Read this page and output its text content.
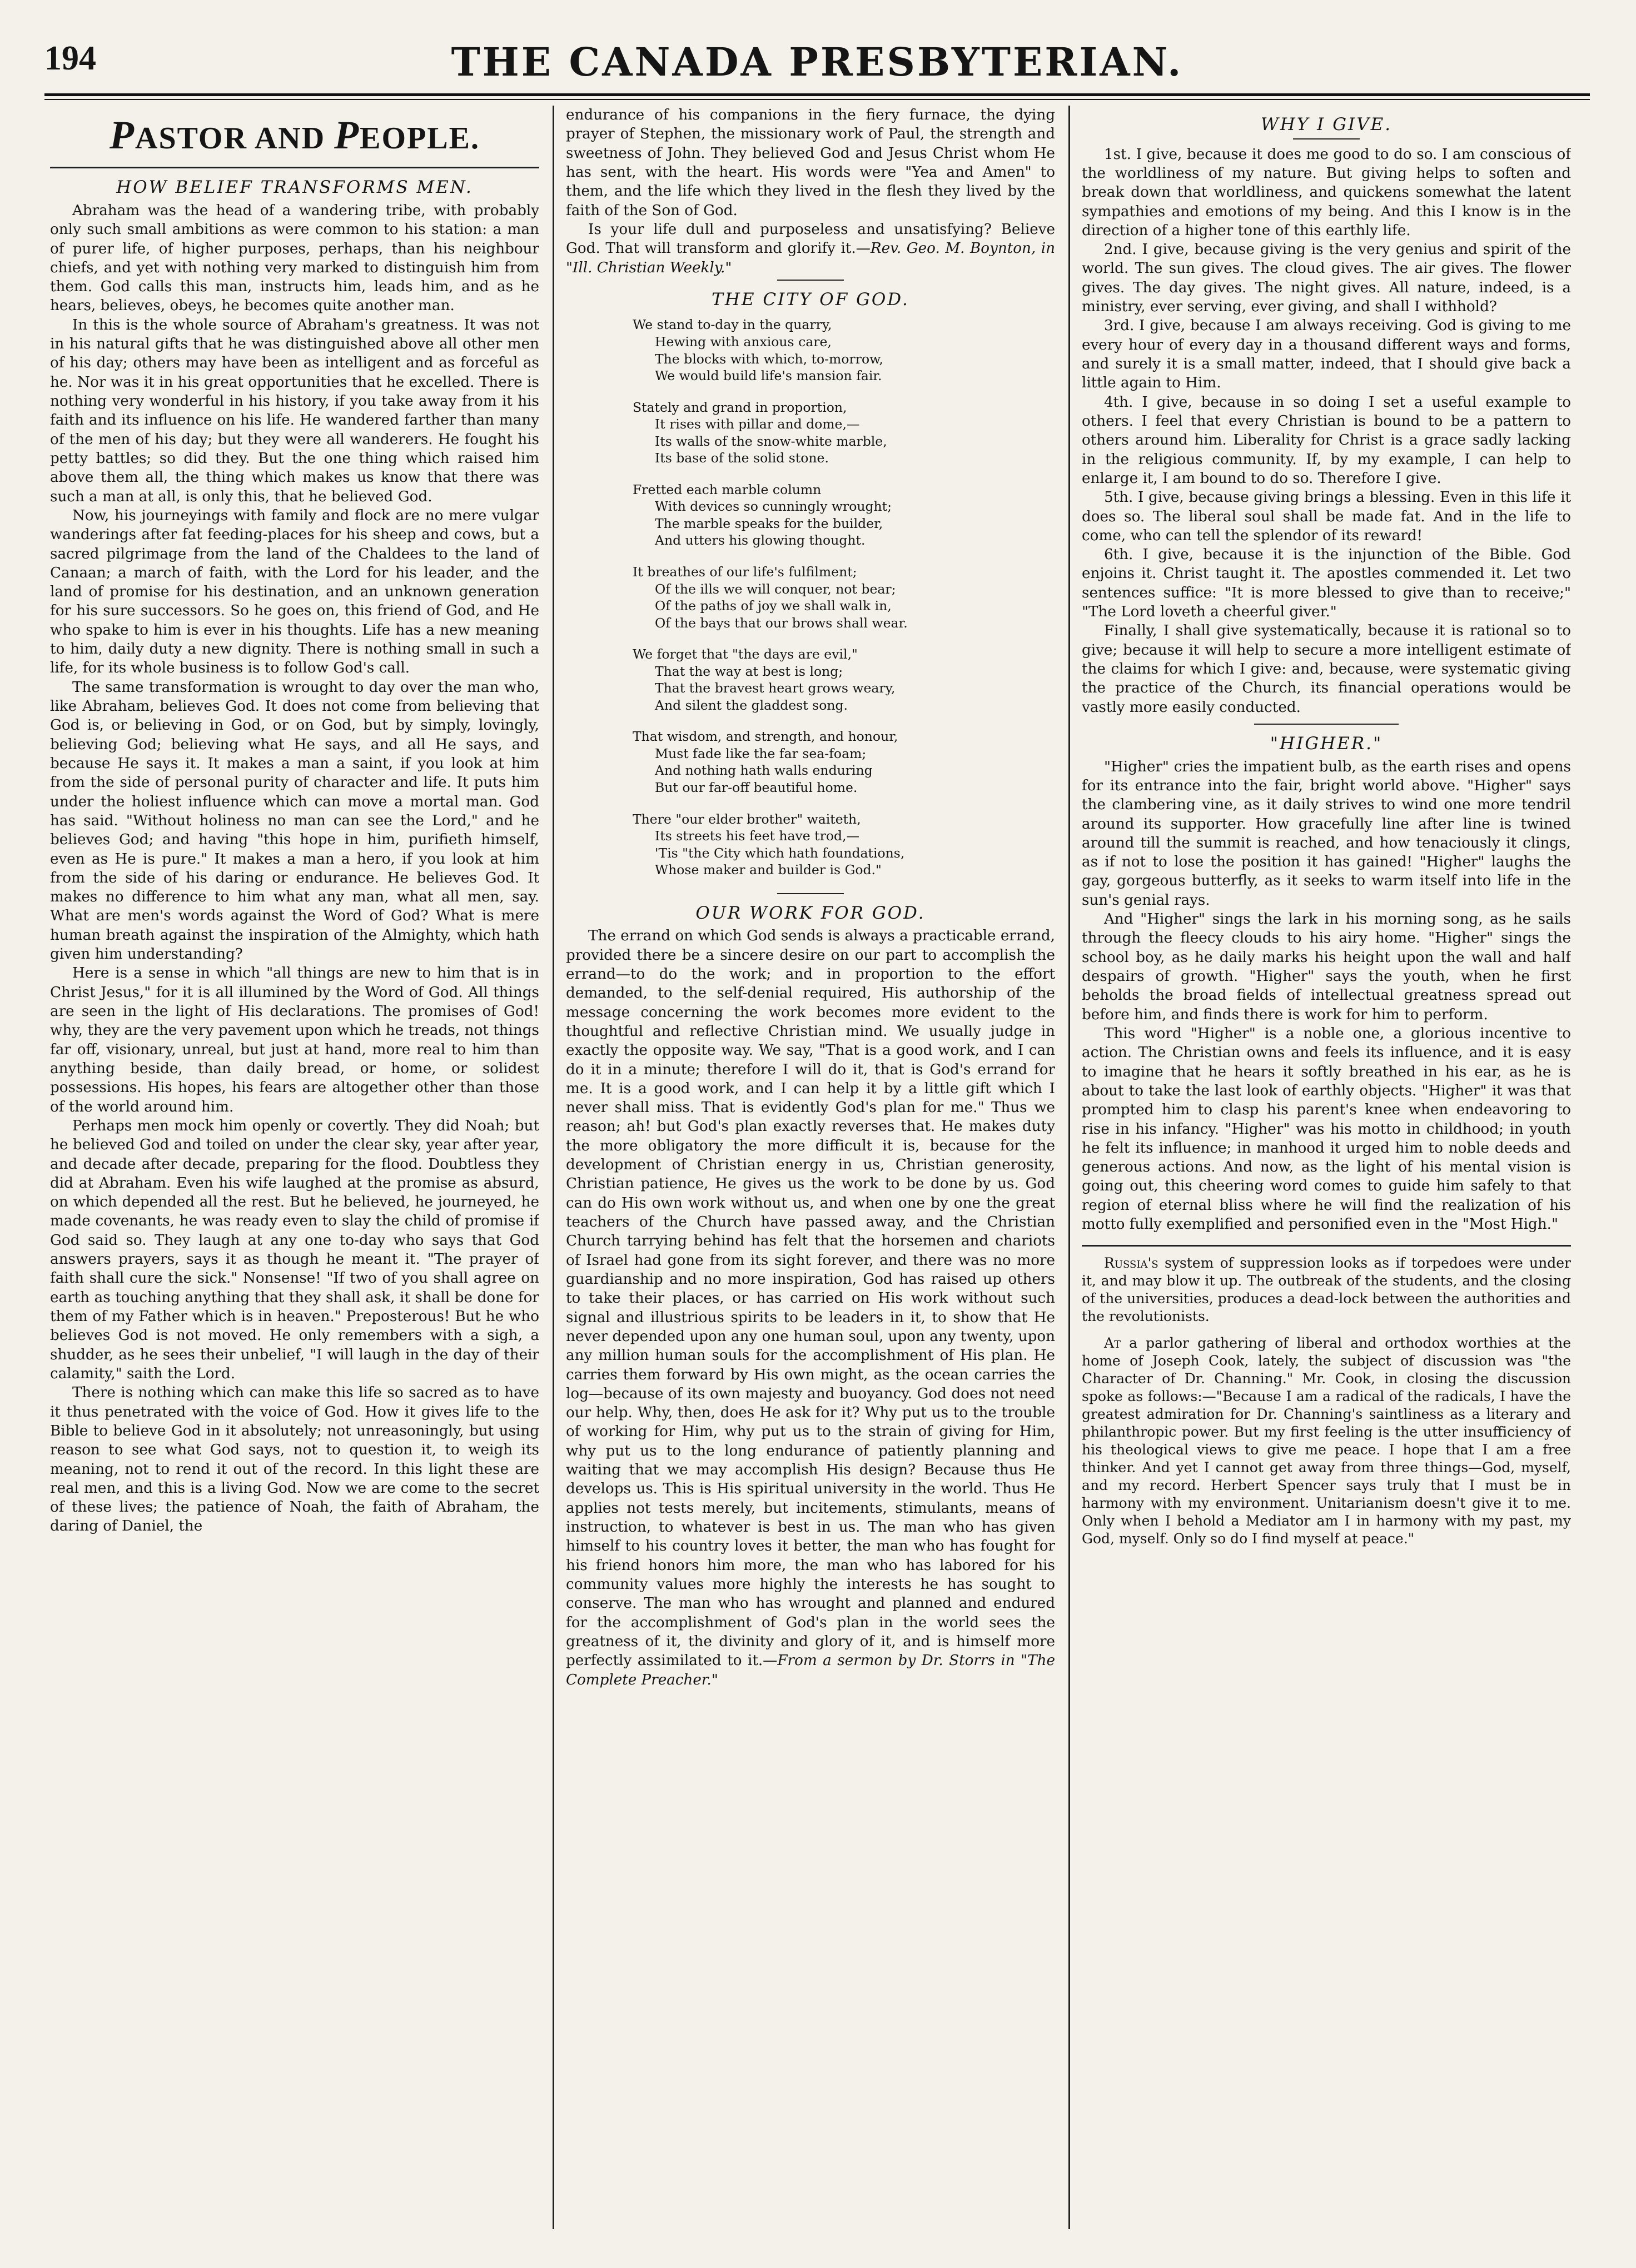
194	THE CANADA PRESBYTERIAN.
PASTOR AND PEOPLE.
HOW BELIEF TRANSFORMS MEN.

Abraham was the head of a wandering tribe, with probably only such small ambitions as were common to his station: a man of purer life, of higher purposes, perhaps, than his neighbour chiefs, and yet with nothing very marked to distinguish him from them. God calls this man, instructs him, leads him, and as he hears, believes, obeys, he becomes quite another man.

In this is the whole source of Abraham's greatness. It was not in his natural gifts that he was distinguished above all other men of his day; others may have been as intelligent and as forceful as he. Nor was it in his great opportunities that he excelled. There is nothing very wonderful in his history, if you take away from it his faith and its influence on his life. He wandered farther than many of the men of his day; but they were all wanderers. He fought his petty battles; so did they. But the one thing which raised him above them all, the thing which makes us know that there was such a man at all, is only this, that he believed God.

Now, his journeyings with family and flock are no mere vulgar wanderings after fat feeding-places for his sheep and cows, but a sacred pilgrimage from the land of the Chaldees to the land of Canaan; a march of faith, with the Lord for his leader, and the land of promise for his destination, and an unknown generation for his sure successors. So he goes on, this friend of God, and He who spake to him is ever in his thoughts. Life has a new meaning to him, daily duty a new dignity. There is nothing small in such a life, for its whole business is to follow God's call.

The same transformation is wrought to day over the man who, like Abraham, believes God. It does not come from believing that God is, or believing in God, or on God, but by simply, lovingly, believing God; believing what He says, and all He says, and because He says it. It makes a man a saint, if you look at him from the side of personal purity of character and life. It puts him under the holiest influence which can move a mortal man. God has said. "Without holiness no man can see the Lord," and he believes God; and having "this hope in him, purifieth himself, even as He is pure." It makes a man a hero, if you look at him from the side of his daring or endurance. He believes God. It makes no difference to him what any man, what all men, say. What are men's words against the Word of God? What is mere human breath against the inspiration of the Almighty, which hath given him understanding?

Here is a sense in which "all things are new to him that is in Christ Jesus," for it is all illumined by the Word of God. All things are seen in the light of His declarations. The promises of God! why, they are the very pavement upon which he treads, not things far off, visionary, unreal, but just at hand, more real to him than anything beside, than daily bread, or home, or solidest possessions. His hopes, his fears are altogether other than those of the world around him.

Perhaps men mock him openly or covertly. They did Noah; but he believed God and toiled on under the clear sky, year after year, and decade after decade, preparing for the flood. Doubtless they did at Abraham. Even his wife laughed at the promise as absurd, on which depended all the rest. But he believed, he journeyed, he made covenants, he was ready even to slay the child of promise if God said so. They laugh at any one to-day who says that God answers prayers, says it as though he meant it. "The prayer of faith shall cure the sick." Nonsense! "If two of you shall agree on earth as touching anything that they shall ask, it shall be done for them of my Father which is in heaven." Preposterous! But he who believes God is not moved. He only remembers with a sigh, a shudder, as he sees their unbelief, "I will laugh in the day of their calamity," saith the Lord.

There is nothing which can make this life so sacred as to have it thus penetrated with the voice of God. How it gives life to the Bible to believe God in it absolutely; not unreasoningly, but using reason to see what God says, not to question it, to weigh its meaning, not to rend it out of the record. In this light these are real men, and this is a living God. Now we are come to the secret of these lives; the patience of Noah, the faith of Abraham, the daring of Daniel, the

endurance of his companions in the fiery furnace, the dying prayer of Stephen, the missionary work of Paul, the strength and sweetness of John. They believed God and Jesus Christ whom He has sent, with the heart. His words were "Yea and Amen" to them, and the life which they lived in the flesh they lived by the faith of the Son of God.

Is your life dull and purposeless and unsatisfying? Believe God. That will transform and glorify it.—Rev. Geo. M. Boynton, in "Ill. Christian Weekly."

THE CITY OF GOD.
We stand to-day in the quarry,
Hewing with anxious care,
The blocks with which, to-morrow,
We would build life's mansion fair.
Stately and grand in proportion,
It rises with pillar and dome,—
Its walls of the snow-white marble,
Its base of the solid stone.
Fretted each marble column
With devices so cunningly wrought;
The marble speaks for the builder,
And utters his glowing thought.
It breathes of our life's fulfilment;
Of the ills we will conquer, not bear;
Of the paths of joy we shall walk in,
Of the bays that our brows shall wear.
We forget that "the days are evil,"
That the way at best is long;
That the bravest heart grows weary,
And silent the gladdest song.
That wisdom, and strength, and honour,
Must fade like the far sea-foam;
And nothing hath walls enduring
But our far-off beautiful home.
There "our elder brother" waiteth,
Its streets his feet have trod,—
'Tis "the City which hath foundations,
Whose maker and builder is God."
OUR WORK FOR GOD.

The errand on which God sends is always a practicable errand, provided there be a sincere desire on our part to accomplish the errand—to do the work; and in proportion to the effort demanded, to the self-denial required, His authorship of the message concerning the work becomes more evident to the thoughtful and reflective Christian mind. We usually judge in exactly the opposite way. We say, "That is a good work, and I can do it in a minute; therefore I will do it, that is God's errand for me. It is a good work, and I can help it by a little gift which I never shall miss. That is evidently God's plan for me." Thus we reason; ah! but God's plan exactly reverses that. He makes duty the more obligatory the more difficult it is, because for the development of Christian energy in us, Christian generosity, Christian patience, He gives us the work to be done by us. God can do His own work without us, and when one by one the great teachers of the Church have passed away, and the Christian Church tarrying behind has felt that the horsemen and chariots of Israel had gone from its sight forever, and there was no more guardianship and no more inspiration, God has raised up others to take their places, or has carried on His work without such signal and illustrious spirits to be leaders in it, to show that He never depended upon any one human soul, upon any twenty, upon any million human souls for the accomplishment of His plan. He carries them forward by His own might, as the ocean carries the log—because of its own majesty and buoyancy. God does not need our help. Why, then, does He ask for it? Why put us to the trouble of working for Him, why put us to the strain of giving for Him, why put us to the long endurance of patiently planning and waiting that we may accomplish His design? Because thus He develops us. This is His spiritual university in the world. Thus He applies not tests merely, but incitements, stimulants, means of instruction, to whatever is best in us. The man who has given himself to his country loves it better, the man who has fought for his friend honors him more, the man who has labored for his community values more highly the interests he has sought to conserve. The man who has wrought and planned and endured for the accomplishment of God's plan in the world sees the greatness of it, the divinity and glory of it, and is himself more perfectly assimilated to it.—From a sermon by Dr. Storrs in "The Complete Preacher."

WHY I GIVE.

1st. I give, because it does me good to do so. I am conscious of the worldliness of my nature. But giving helps to soften and break down that worldliness, and quickens somewhat the latent sympathies and emotions of my being. And this I know is in the direction of a higher tone of this earthly life.

2nd. I give, because giving is the very genius and spirit of the world. The sun gives. The cloud gives. The air gives. The flower gives. The day gives. The night gives. All nature, indeed, is a ministry, ever serving, ever giving, and shall I withhold?

3rd. I give, because I am always receiving. God is giving to me every hour of every day in a thousand different ways and forms, and surely it is a small matter, indeed, that I should give back a little again to Him.

4th. I give, because in so doing I set a useful example to others. I feel that every Christian is bound to be a pattern to others around him. Liberality for Christ is a grace sadly lacking in the religious community. If, by my example, I can help to enlarge it, I am bound to do so. Therefore I give.

5th. I give, because giving brings a blessing. Even in this life it does so. The liberal soul shall be made fat. And in the life to come, who can tell the splendor of its reward!

6th. I give, because it is the injunction of the Bible. God enjoins it. Christ taught it. The apostles commended it. Let two sentences suffice: "It is more blessed to give than to receive;" "The Lord loveth a cheerful giver."

Finally, I shall give systematically, because it is rational so to give; because it will help to secure a more intelligent estimate of the claims for which I give: and, because, were systematic giving the practice of the Church, its financial operations would be vastly more easily conducted.

"HIGHER."

"Higher" cries the impatient bulb, as the earth rises and opens for its entrance into the fair, bright world above. "Higher" says the clambering vine, as it daily strives to wind one more tendril around its supporter. How gracefully line after line is twined around till the summit is reached, and how tenaciously it clings, as if not to lose the position it has gained! "Higher" laughs the gay, gorgeous butterfly, as it seeks to warm itself into life in the sun's genial rays.

And "Higher" sings the lark in his morning song, as he sails through the fleecy clouds to his airy home. "Higher" sings the school boy, as he daily marks his height upon the wall and half despairs of growth. "Higher" says the youth, when he first beholds the broad fields of intellectual greatness spread out before him, and finds there is work for him to perform.

This word "Higher" is a noble one, a glorious incentive to action. The Christian owns and feels its influence, and it is easy to imagine that he hears it softly breathed in his ear, as he is about to take the last look of earthly objects. "Higher" it was that prompted him to clasp his parent's knee when endeavoring to rise in his infancy. "Higher" was his motto in childhood; in youth he felt its influence; in manhood it urged him to noble deeds and generous actions. And now, as the light of his mental vision is going out, this cheering word comes to guide him safely to that region of eternal bliss where he will find the realization of his motto fully exemplified and personified even in the "Most High."

Russia's system of suppression looks as if torpedoes were under it, and may blow it up. The outbreak of the students, and the closing of the universities, produces a dead-lock between the authorities and the revolutionists.

At a parlor gathering of liberal and orthodox worthies at the home of Joseph Cook, lately, the subject of discussion was "the Character of Dr. Channing." Mr. Cook, in closing the discussion spoke as follows:—"Because I am a radical of the radicals, I have the greatest admiration for Dr. Channing's saintliness as a literary and philanthropic power. But my first feeling is the utter insufficiency of his theological views to give me peace. I hope that I am a free thinker. And yet I cannot get away from three things—God, myself, and my record. Herbert Spencer says truly that I must be in harmony with my environment. Unitarianism doesn't give it to me. Only when I behold a Mediator am I in harmony with my past, my God, myself. Only so do I find myself at peace."
